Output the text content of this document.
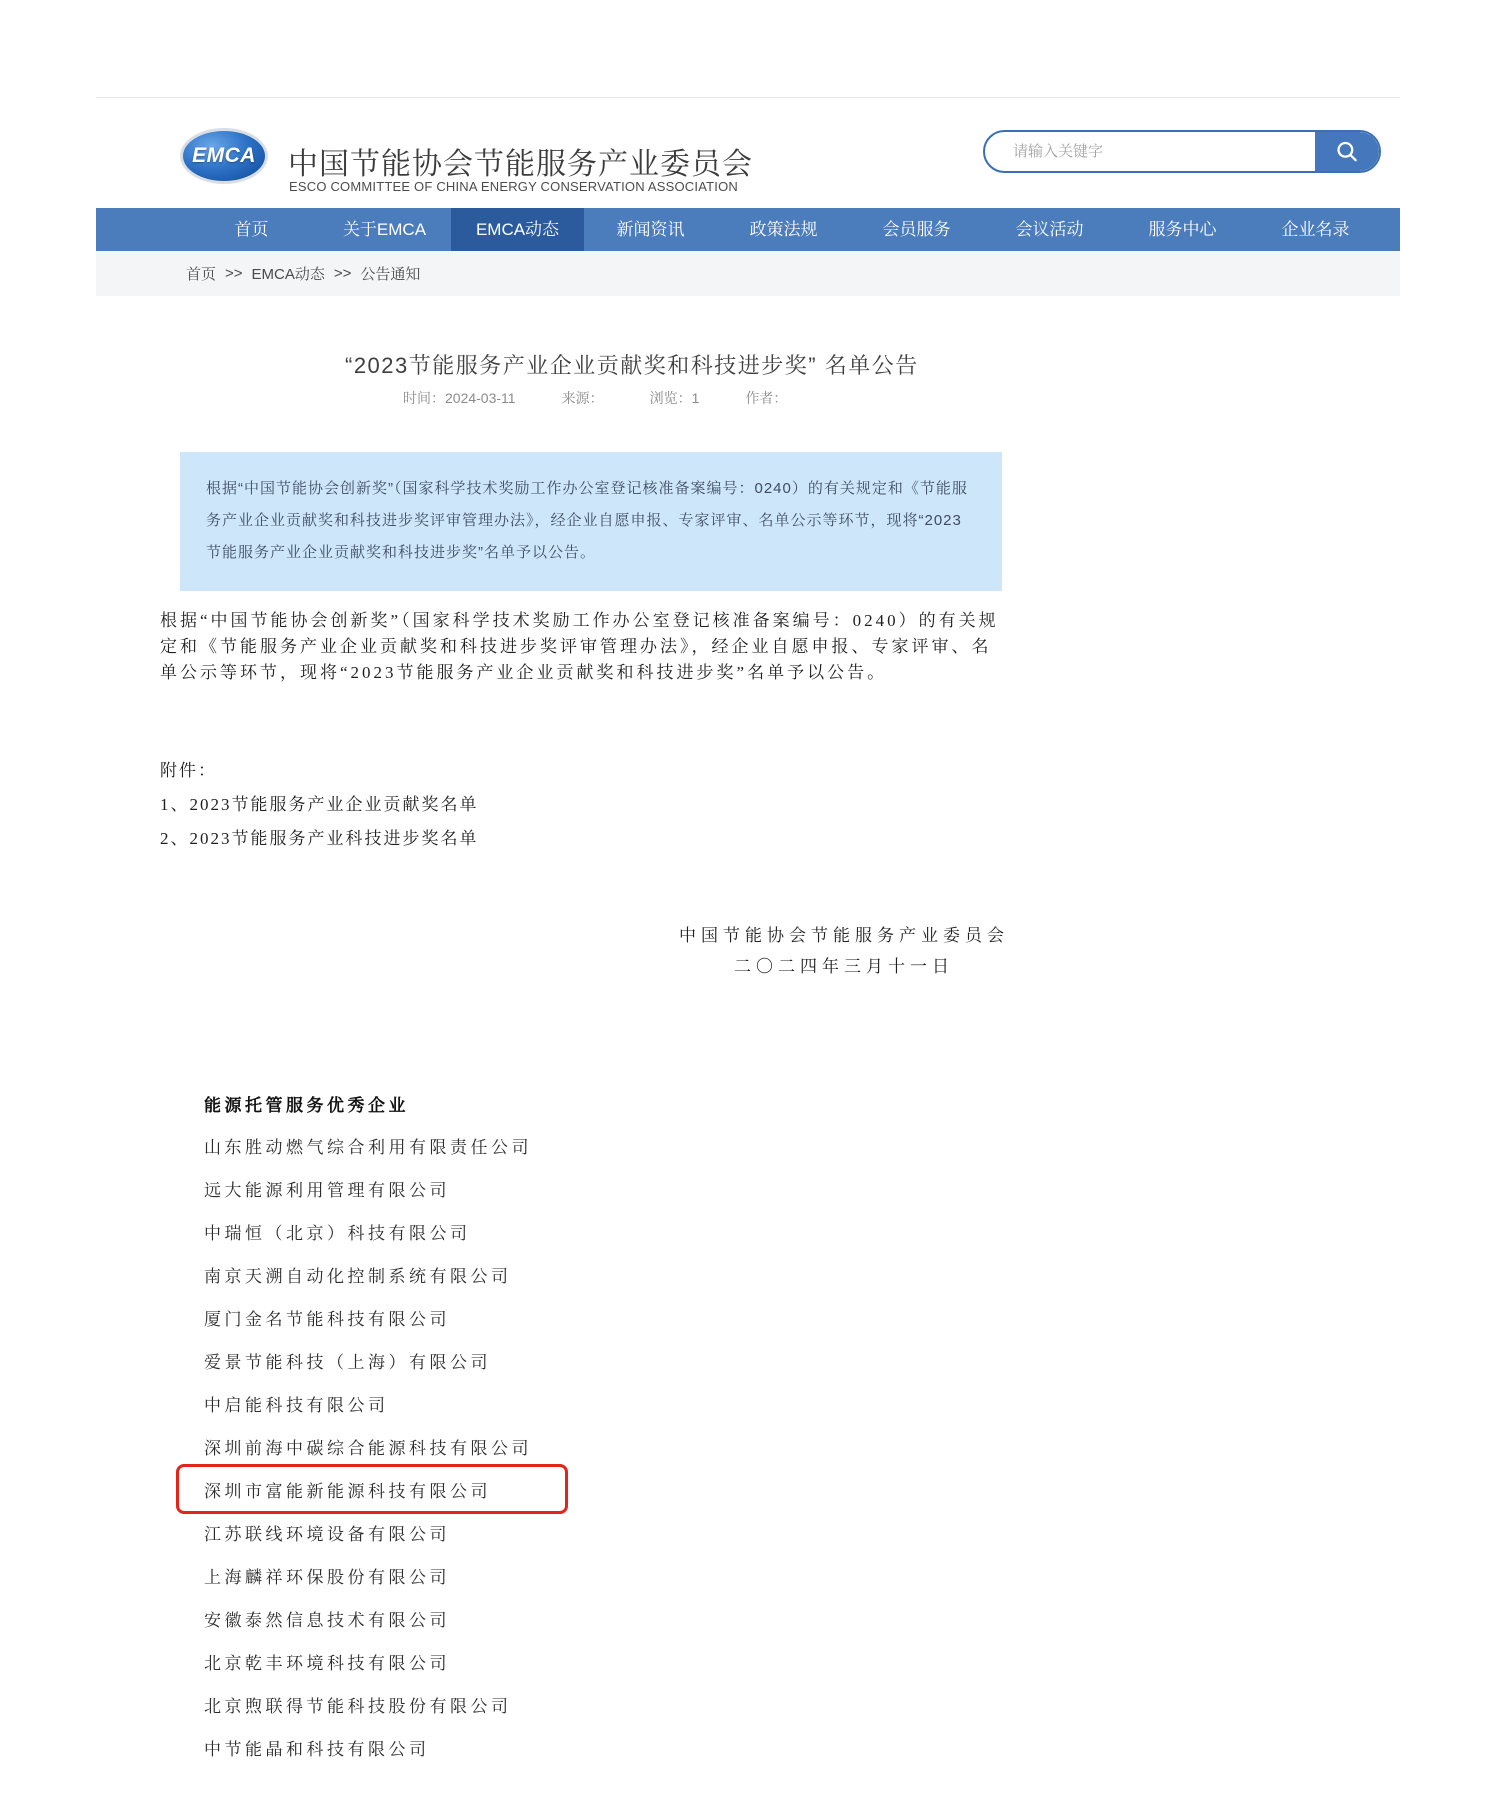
EMCA 中国节能协会节能服务产业委员会
ESCO COMMITTEE OF CHINA ENERGY CONSERVATION ASSOCIATION
请输入关键字
首页	关于EMCA	EMCA动态	新闻资讯	政策法规	会员服务	会议活动	服务中心	企业名录
首页 >> EMCA动态 >> 公告通知
“2023节能服务产业企业贡献奖和科技进步奖” 名单公告
时间：2024-03-11	来源：	浏览：1	作者：
根据“中国节能协会创新奖”（国家科学技术奖励工作办公室登记核准备案编号：0240）的有关规定和《节能服务产业企业贡献奖和科技进步奖评审管理办法》，经企业自愿申报、专家评审、名单公示等环节，现将“2023节能服务产业企业贡献奖和科技进步奖”名单予以公告。
根据“中国节能协会创新奖”（国家科学技术奖励工作办公室登记核准备案编号：0240）的有关规定和《节能服务产业企业贡献奖和科技进步奖评审管理办法》，经企业自愿申报、专家评审、名单公示等环节，现将“2023节能服务产业企业贡献奖和科技进步奖”名单予以公告。
附件：
1、2023节能服务产业企业贡献奖名单
2、2023节能服务产业科技进步奖名单
中国节能协会节能服务产业委员会
二〇二四年三月十一日
能源托管服务优秀企业
山东胜动燃气综合利用有限责任公司
远大能源利用管理有限公司
中瑞恒（北京）科技有限公司
南京天溯自动化控制系统有限公司
厦门金名节能科技有限公司
爱景节能科技（上海）有限公司
中启能科技有限公司
深圳前海中碳综合能源科技有限公司
深圳市富能新能源科技有限公司
江苏联线环境设备有限公司
上海麟祥环保股份有限公司
安徽泰然信息技术有限公司
北京乾丰环境科技有限公司
北京煦联得节能科技股份有限公司
中节能晶和科技有限公司
